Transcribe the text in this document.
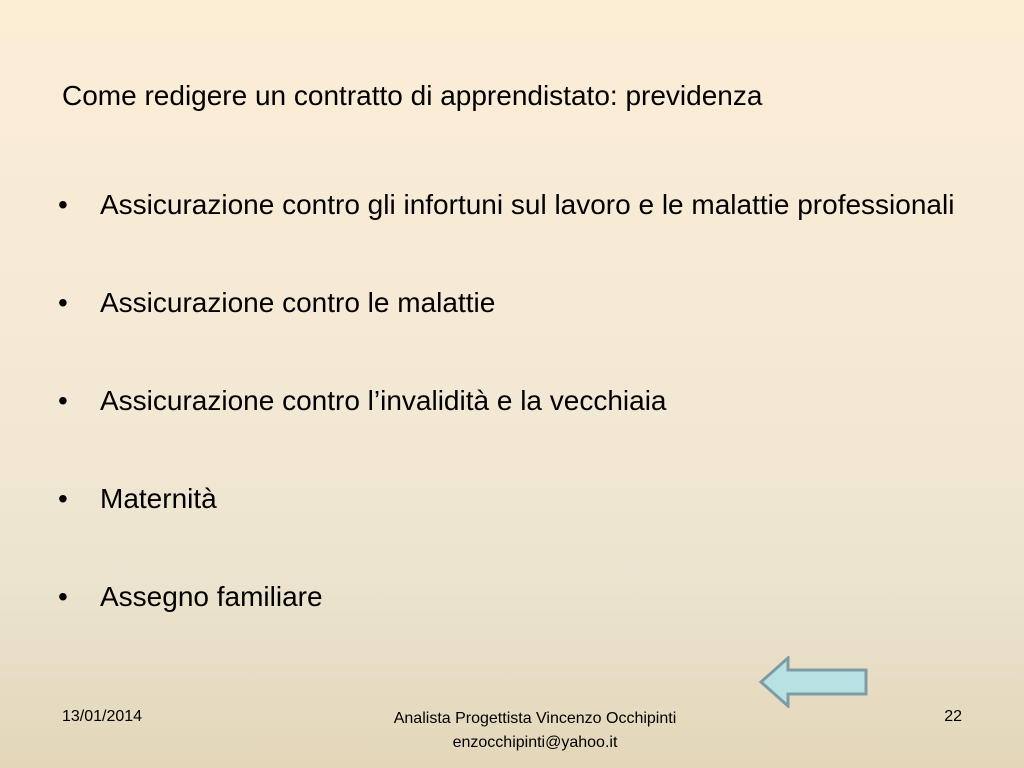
Come redigere un contratto di apprendistato: previdenza
•	Assicurazione contro gli infortuni sul lavoro e le malattie professionali
•	Assicurazione contro le malattie
•	Assicurazione contro l’invalidità e la vecchiaia
•	Maternità
•	Assegno familiare
13/01/2014	Analista Progettista Vincenzo Occhipinti
enzocchipinti@yahoo.it
22
